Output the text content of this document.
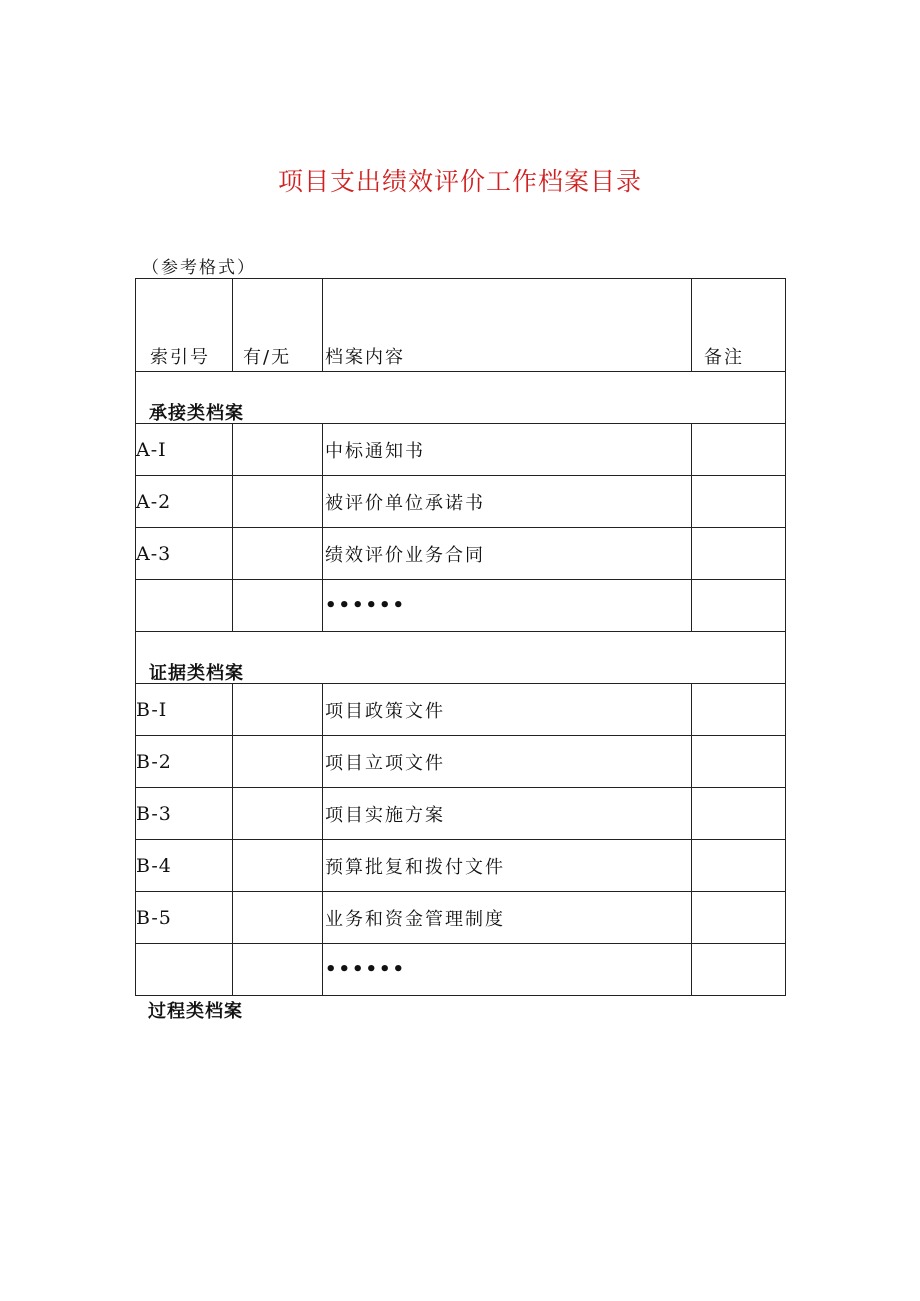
项目支出绩效评价工作档案目录
（参考格式）
索引号	有/无	档案内容	备注
承接类档案			
A-I		中标通知书	
A-2		被评价单位承诺书	
A-3		绩效评价业务合同	
		••••••	
证据类档案			
B-I		项目政策文件	
B-2		项目立项文件	
B-3		项目实施方案	
B-4		预算批复和拨付文件	
B-5		业务和资金管理制度	
		••••••	
过程类档案
